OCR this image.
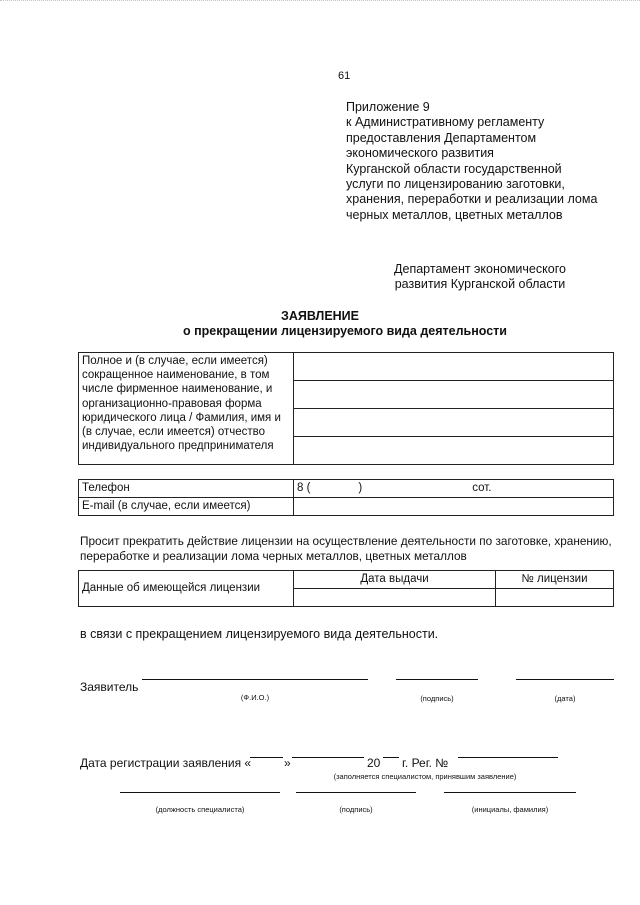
61
Приложение 9
к Административному регламенту
предоставления Департаментом
экономического развития
Курганской области государственной
услуги по лицензированию заготовки,
хранения, переработки и реализации лома
черных металлов, цветных металлов
Департамент экономического
развития Курганской области
ЗАЯВЛЕНИЕ
о прекращении лицензируемого вида деятельности
Полное и (в случае, если имеется) сокращенное наименование, в том числе фирменное наименование, и организационно-правовая форма юридического лица / Фамилия, имя и (в случае, если имеется) отчество индивидуального предпринимателя	

Телефон	8 ( ) сот.
E-mail (в случае, если имеется)	
Просит прекратить действие лицензии на осуществление деятельности по заготовке, хранению, переработке и реализации лома черных металлов, цветных металлов
Данные об имеющейся лицензии	Дата выдачи	№ лицензии

в связи с прекращением лицензируемого вида деятельности.
Заявитель
(Ф.И.О.)	(подпись)	(дата)
Дата регистрации заявления «	»	20 г. Рег. №
(заполняется специалистом, принявшим заявление)
(должность специалиста)	(подпись)	(инициалы, фамилия)
